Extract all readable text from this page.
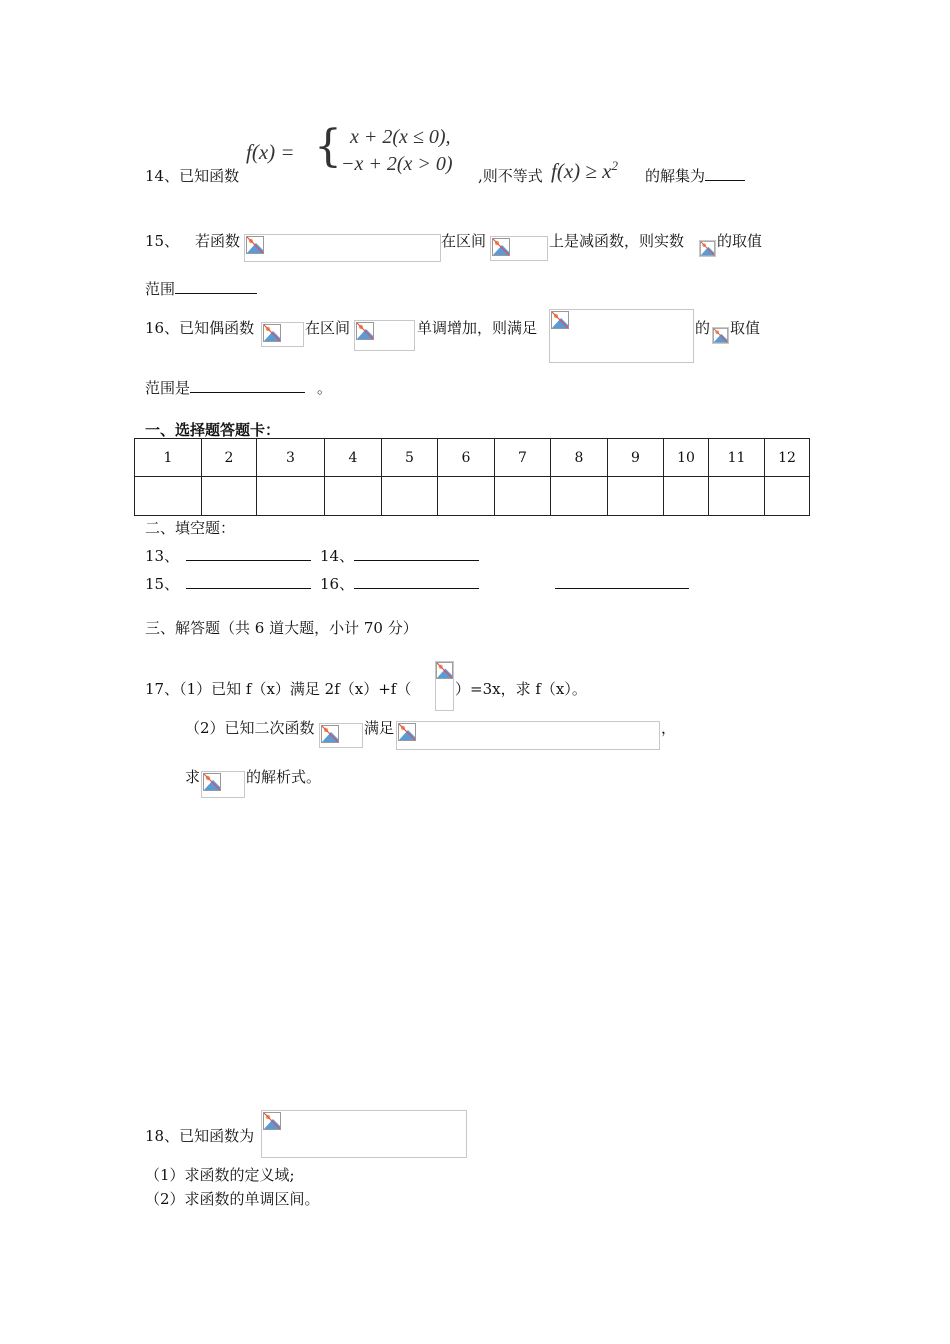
14、已知函数
f(x) = { x + 2(x ≤ 0),
−x + 2(x > 0)
,则不等式 $f(x) \ge x^2$
的解集为
15、 若函数	在区间	上是减函数，则实数 的取值
范围
16、已知偶函数	在区间	单调增加，则满足	的 取值
范围是	。
一、选择题答题卡：
1	2	3	4	5	6	7	8	9	10	11	12

二、填空题：
13、	14、
15、	16、
三、解答题（共 6 道大题，小计 70 分）
17、（1）已知 f（x）满足 2f（x）+f（	）=3x，求 f（x）。
（2）已知二次函数	满足	，
求	的解析式。
18、已知函数为
（1）求函数的定义域;
（2）求函数的单调区间。
